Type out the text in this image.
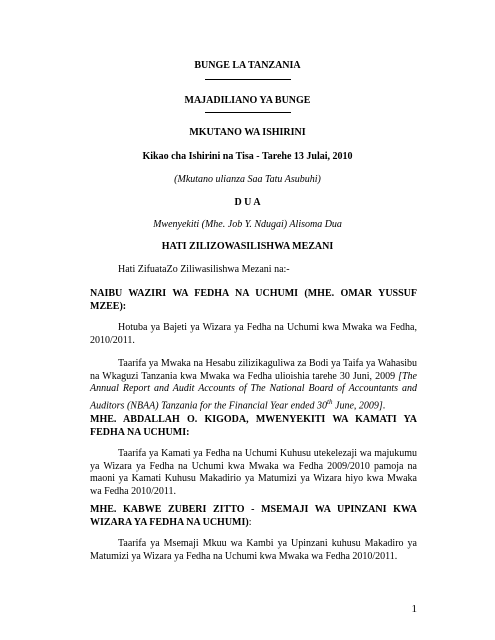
BUNGE LA TANZANIA
MAJADILIANO YA BUNGE
MKUTANO WA ISHIRINI
Kikao cha Ishirini na Tisa - Tarehe 13 Julai, 2010
(Mkutano ulianza Saa Tatu Asubuhi)
D U A
Mwenyekiti (Mhe. Job Y. Ndugai) Alisoma Dua
HATI ZILIZOWASILISHWA MEZANI
Hati ZifuataZo Ziliwasilishwa Mezani na:-
NAIBU WAZIRI WA FEDHA NA UCHUMI (MHE. OMAR YUSSUF MZEE):
Hotuba ya Bajeti ya Wizara ya Fedha na Uchumi kwa Mwaka wa Fedha, 2010/2011.
Taarifa ya Mwaka na Hesabu zilizikaguliwa za Bodi ya Taifa ya Wahasibu na Wkaguzi Tanzania kwa Mwaka wa Fedha ulioishia tarehe 30 Juni, 2009 [The Annual Report and Audit Accounts of The National Board of Accountants and Auditors (NBAA) Tanzania for the Financial Year ended 30th June, 2009].
MHE. ABDALLAH O. KIGODA, MWENYEKITI WA KAMATI YA FEDHA NA UCHUMI:
Taarifa ya Kamati ya Fedha na Uchumi Kuhusu utekelezaji wa majukumu ya Wizara ya Fedha na Uchumi kwa Mwaka wa Fedha 2009/2010 pamoja na maoni ya Kamati Kuhusu Makadirio ya Matumizi ya Wizara hiyo kwa Mwaka wa Fedha 2010/2011.
MHE. KABWE ZUBERI ZITTO - MSEMAJI WA UPINZANI KWA WIZARA YA FEDHA NA UCHUMI):
Taarifa ya Msemaji Mkuu wa Kambi ya Upinzani kuhusu Makadiro ya Matumizi ya Wizara ya Fedha na Uchumi kwa Mwaka wa Fedha 2010/2011.
1
